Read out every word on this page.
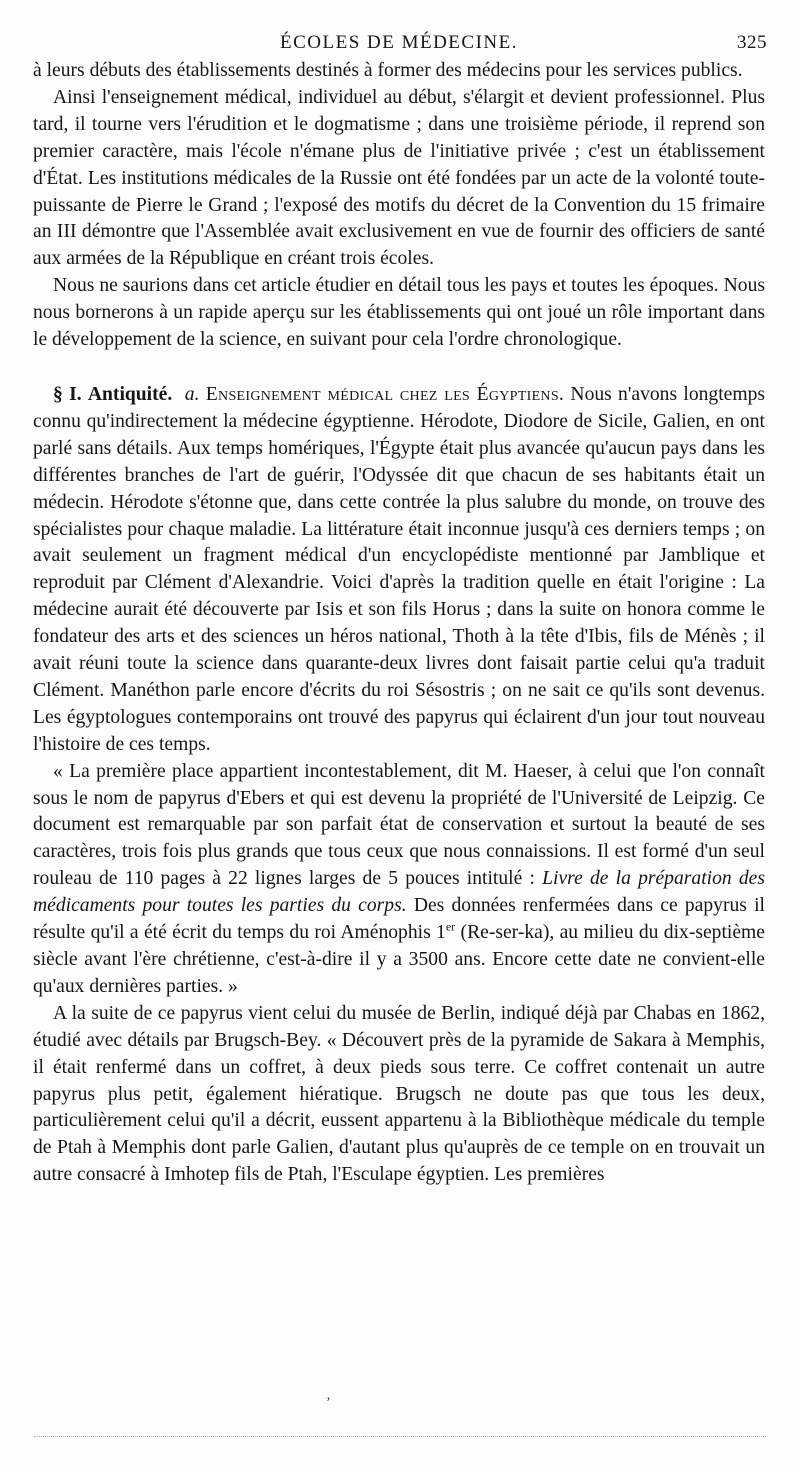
ÉCOLES DE MÉDECINE.	325

à leurs débuts des établissements destinés à former des médecins pour les services publics.

Ainsi l'enseignement médical, individuel au début, s'élargit et devient professionnel. Plus tard, il tourne vers l'érudition et le dogmatisme ; dans une troisième période, il reprend son premier caractère, mais l'école n'émane plus de l'initiative privée ; c'est un établissement d'État. Les institutions médicales de la Russie ont été fondées par un acte de la volonté toute-puissante de Pierre le Grand ; l'exposé des motifs du décret de la Convention du 15 frimaire an III démontre que l'Assemblée avait exclusivement en vue de fournir des officiers de santé aux armées de la République en créant trois écoles.

Nous ne saurions dans cet article étudier en détail tous les pays et toutes les époques. Nous nous bornerons à un rapide aperçu sur les établissements qui ont joué un rôle important dans le développement de la science, en suivant pour cela l'ordre chronologique.

§ I. Antiquité. a. Enseignement médical chez les Égyptiens. Nous n'avons longtemps connu qu'indirectement la médecine égyptienne. Hérodote, Diodore de Sicile, Galien, en ont parlé sans détails. Aux temps homériques, l'Égypte était plus avancée qu'aucun pays dans les différentes branches de l'art de guérir, l'Odyssée dit que chacun de ses habitants était un médecin. Hérodote s'étonne que, dans cette contrée la plus salubre du monde, on trouve des spécialistes pour chaque maladie. La littérature était inconnue jusqu'à ces derniers temps ; on avait seulement un fragment médical d'un encyclopédiste mentionné par Jamblique et reproduit par Clément d'Alexandrie. Voici d'après la tradition quelle en était l'origine : La médecine aurait été découverte par Isis et son fils Horus ; dans la suite on honora comme le fondateur des arts et des sciences un héros national, Thoth à la tête d'Ibis, fils de Ménès ; il avait réuni toute la science dans quarante-deux livres dont faisait partie celui qu'a traduit Clément. Manéthon parle encore d'écrits du roi Sésostris ; on ne sait ce qu'ils sont devenus. Les égyptologues contemporains ont trouvé des papyrus qui éclairent d'un jour tout nouveau l'histoire de ces temps.

« La première place appartient incontestablement, dit M. Haeser, à celui que l'on connaît sous le nom de papyrus d'Ebers et qui est devenu la propriété de l'Université de Leipzig. Ce document est remarquable par son parfait état de conservation et surtout la beauté de ses caractères, trois fois plus grands que tous ceux que nous connaissions. Il est formé d'un seul rouleau de 110 pages à 22 lignes larges de 5 pouces intitulé : Livre de la préparation des médicaments pour toutes les parties du corps. Des données renfermées dans ce papyrus il résulte qu'il a été écrit du temps du roi Aménophis 1er (Re-ser-ka), au milieu du dix-septième siècle avant l'ère chrétienne, c'est-à-dire il y a 3500 ans. Encore cette date ne convient-elle qu'aux dernières parties. »

A la suite de ce papyrus vient celui du musée de Berlin, indiqué déjà par Chabas en 1862, étudié avec détails par Brugsch-Bey. « Découvert près de la pyramide de Sakara à Memphis, il était renfermé dans un coffret, à deux pieds sous terre. Ce coffret contenait un autre papyrus plus petit, également hiératique. Brugsch ne doute pas que tous les deux, particulièrement celui qu'il a décrit, eussent appartenu à la Bibliothèque médicale du temple de Ptah à Memphis dont parle Galien, d'autant plus qu'auprès de ce temple on en trouvait un autre consacré à Imhotep fils de Ptah, l'Esculape égyptien. Les premières

‚
